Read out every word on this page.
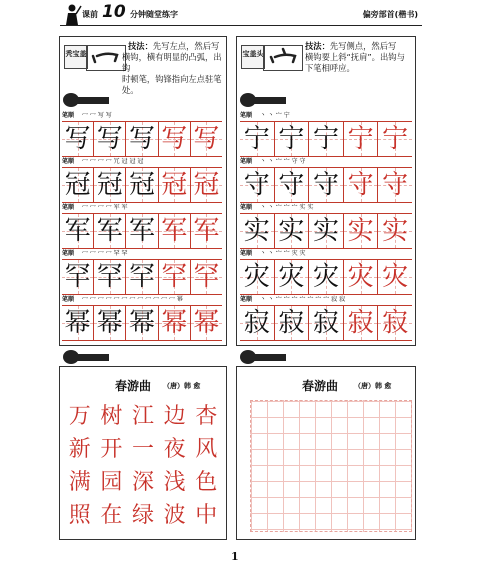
课前 10 分钟随堂练字	偏旁部首(楷书)
秃宝盖
技法：先写左点，然后写
横钩，横有明显的凸弧，出钩
时顿笔，钩锋指向左点驻笔
处。
笔顺 冖 冖 写 写
写 写 写 写 写
笔顺 冖 冖 冖 冖 冗 冠 冠 冠
冠 冠 冠 冠 冠
笔顺 冖 冖 冖 冖 军 军
军 军 军 军 军
笔顺 冖 冖 冖 冖 罕 罕
罕 罕 罕 罕 罕
笔顺 冖 冖 冖 冖 冖 冖 冖 冖 冖 冖 冖 冖 幂
幂 幂 幂 幂 幂
宝盖头
技法：先写侧点，然后写
横钩要上斜“抚肩”。出钩与
下笔相呼应。
笔顺 丶 丶 宀 宁
宁 宁 宁 宁 宁
笔顺 丶 丶 宀 宀 守 守
守 守 守 守 守
笔顺 丶 丶 宀 宀 宀 实 实
实 实 实 实 实
笔顺 丶 丶 宀 宀 灾 灾
灾 灾 灾 灾 灾
笔顺 丶 丶 宀 宀 宀 宀 宀 宀 宀 寂 寂
寂 寂 寂 寂 寂
春游曲 （唐）韩 愈
万 树 江 边 杏
新 开 一 夜 风
满 园 深 浅 色
照 在 绿 波 中
春游曲 （唐）韩 愈
1
